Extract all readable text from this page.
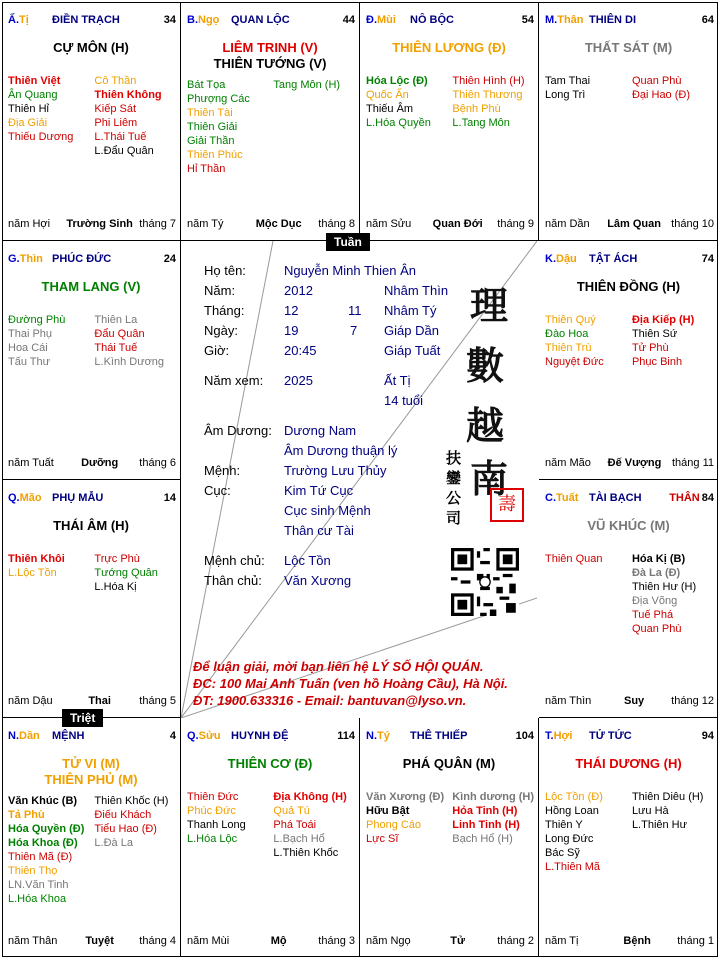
Ấ.Tị	ĐIỀN TRẠCH	34
CỰ MÔN (H)
Thiên Việt
Ân Quang
Thiên Hỉ
Địa Giải
Thiếu Dương
Cô Thần
Thiên Không
Kiếp Sát
Phi Liêm
L.Thái Tuế
L.Đẩu Quân
năm Hợi	Trường Sinh tháng 7
B.Ngọ	QUAN LỘC	44
LIÊM TRINH (V)
THIÊN TƯỚNG (V)
Bát Tọa
Phượng Các
Thiên Tài
Thiên Giải
Giải Thần
Thiên Phúc
Hỉ Thần
Tang Môn (H)
năm Tý	Mộc Dục	tháng 8
Đ.Mùi	NÔ BỘC	54
THIÊN LƯƠNG (Đ)
Hóa Lộc (Đ)
Quốc Ấn
Thiếu Âm
L.Hóa Quyền
Thiên Hình (H)
Thiên Thương
Bệnh Phù
L.Tang Môn
năm Sửu	Quan Đới	tháng 9
M.Thân THIÊN DI	64
THẤT SÁT (M)
Tam Thai
Long Trì
Quan Phù
Đại Hao (Đ)
năm Dần	Lâm Quan tháng 10
G.Thìn PHÚC ĐỨC	24
THAM LANG (V)
Đường Phù
Thai Phụ
Hoa Cái
Tấu Thư
Thiên La
Đẩu Quân
Thái Tuế
L.Kình Dương
năm Tuất	Dưỡng	tháng 6
K.Dậu	TẬT ÁCH	74
THIÊN ĐỒNG (H)
Thiên Quý
Đào Hoa
Thiên Trù
Nguyệt Đức
Địa Kiếp (H)
Thiên Sứ
Tử Phù
Phục Binh
năm Mão	Đế Vượng tháng 11
Q.Mão PHỤ MẪU	14
THÁI ÂM (H)
Thiên Khôi
L.Lộc Tồn
Trực Phù
Tướng Quân
L.Hóa Kị
năm Dậu	Thai	tháng 5
C.Tuất TÀI BẠCH	THÂN 84
VŨ KHÚC (M)
Thiên Quan	Hóa Kị (B)
Đà La (Đ)
Thiên Hư (H)
Địa Võng
Tuế Phá
Quan Phù
năm Thìn	Suy	tháng 12
N.Dần	MỆNH	4
TỬ VI (M)
THIÊN PHỦ (M)
Văn Khúc (B)
Tả Phù
Hóa Quyền (Đ)
Hóa Khoa (Đ)
Thiên Mã (Đ)
Thiên Thọ
LN.Văn Tinh
L.Hóa Khoa
Thiên Khốc (H)
Điếu Khách
Tiểu Hao (Đ)
L.Đà La
năm Thân	Tuyệt	tháng 4
Q.Sửu HUYNH ĐỆ	114
THIÊN CƠ (Đ)
Thiên Đức
Phúc Đức
Thanh Long
L.Hóa Lộc
Địa Không (H)
Quả Tú
Phá Toái
L.Bạch Hổ
L.Thiên Khốc
năm Mùi	Mộ	tháng 3
N.Tý	THÊ THIẾP	104
PHÁ QUÂN (M)
Văn Xương (Đ)
Hữu Bật
Phong Cáo
Lực Sĩ
Kình dương (H)
Hỏa Tinh (H)
Linh Tinh (H)
Bạch Hổ (H)
năm Ngọ	Tử	tháng 2
T.Hợi	TỬ TỨC	94
THÁI DƯƠNG (H)
Lộc Tồn (Đ)
Hồng Loan
Thiên Y
Long Đức
Bác Sỹ
L.Thiên Mã
Thiên Diêu (H)
Lưu Hà
L.Thiên Hư
năm Tị	Bệnh	tháng 1
Tuần
Triệt
Họ tên:	Nguyễn Minh Thien Ân
Năm:	2012	Nhâm Thìn
Tháng:	12	11 Nhâm Tý
Ngày:	19	7 Giáp Dần
Giờ:	20:45	Giáp Tuất
Năm xem: 2025	Ất Tị
14 tuổi
Âm Dương: Dương Nam
Âm Dương thuận lý
Mệnh:	Trường Lưu Thủy
Cục:	Kim Tứ Cục
Cục sinh Mệnh
Thân cư Tài
Mệnh chủ: Lộc Tồn
Thân chủ: Văn Xương
理
數
越
南
扶鑾公司
壽
Để luận giải, mời bạn liên hệ LÝ SỐ HỘI QUÁN.
ĐC: 100 Mai Anh Tuấn (ven hồ Hoàng Cầu), Hà Nội.
ĐT: 1900.633316 - Email: bantuvan@lyso.vn.
